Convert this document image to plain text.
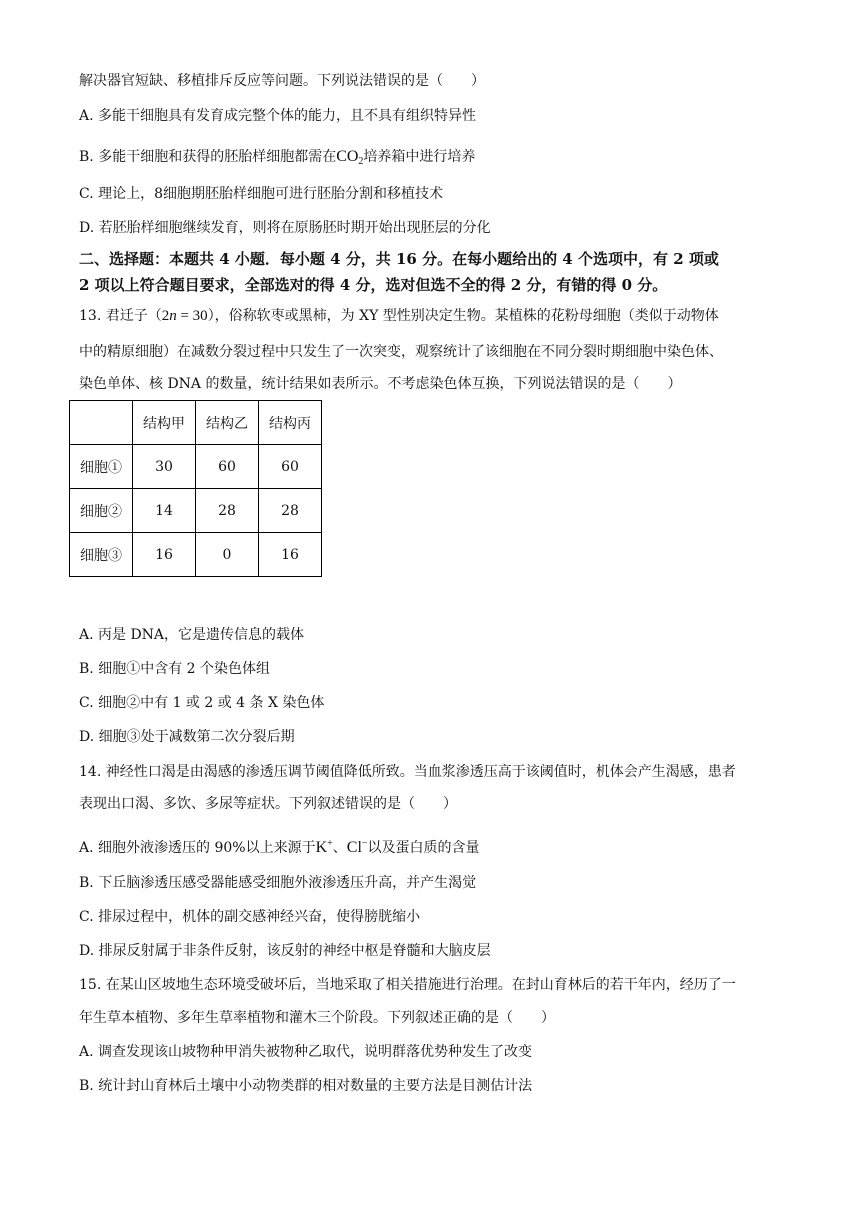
解决器官短缺、移植排斥反应等问题。下列说法错误的是（　　）
A. 多能干细胞具有发育成完整个体的能力，且不具有组织特异性
B. 多能干细胞和获得的胚胎样细胞都需在$CO_2$培养箱中进行培养
C. 理论上，8细胞期胚胎样细胞可进行胚胎分割和移植技术
D. 若胚胎样细胞继续发育，则将在原肠胚时期开始出现胚层的分化
二、选择题：本题共 4 小题．每小题 4 分，共 16 分。在每小题给出的 4 个选项中，有 2 项或
2 项以上符合题目要求，全部选对的得 4 分，选对但选不全的得 2 分，有错的得 0 分。
13. 君迁子（2n = 30），俗称软枣或黑柿，为 XY 型性别决定生物。某植株的花粉母细胞（类似于动物体
中的精原细胞）在减数分裂过程中只发生了一次突变，观察统计了该细胞在不同分裂时期细胞中染色体、
染色单体、核 DNA 的数量，统计结果如表所示。不考虑染色体互换，下列说法错误的是（　　）
	结构甲	结构乙	结构丙
细胞①	30	60	60
细胞②	14	28	28
细胞③	16	0	16
A. 丙是 DNA，它是遗传信息的载体
B. 细胞①中含有 2 个染色体组
C. 细胞②中有 1 或 2 或 4 条 X 染色体
D. 细胞③处于减数第二次分裂后期
14. 神经性口渴是由渴感的渗透压调节阈值降低所致。当血浆渗透压高于该阈值时，机体会产生渴感，患者
表现出口渴、多饮、多尿等症状。下列叙述错误的是（　　）
A. 细胞外液渗透压的 90%以上来源于K+、Cl−以及蛋白质的含量
B. 下丘脑渗透压感受器能感受细胞外液渗透压升高，并产生渴觉
C. 排尿过程中，机体的副交感神经兴奋，使得膀胱缩小
D. 排尿反射属于非条件反射，该反射的神经中枢是脊髓和大脑皮层
15. 在某山区坡地生态环境受破坏后，当地采取了相关措施进行治理。在封山育林后的若干年内，经历了一
年生草本植物、多年生草率植物和灌木三个阶段。下列叙述正确的是（　　）
A. 调查发现该山坡物种甲消失被物种乙取代，说明群落优势种发生了改变
B. 统计封山育林后土壤中小动物类群的相对数量的主要方法是目测估计法
